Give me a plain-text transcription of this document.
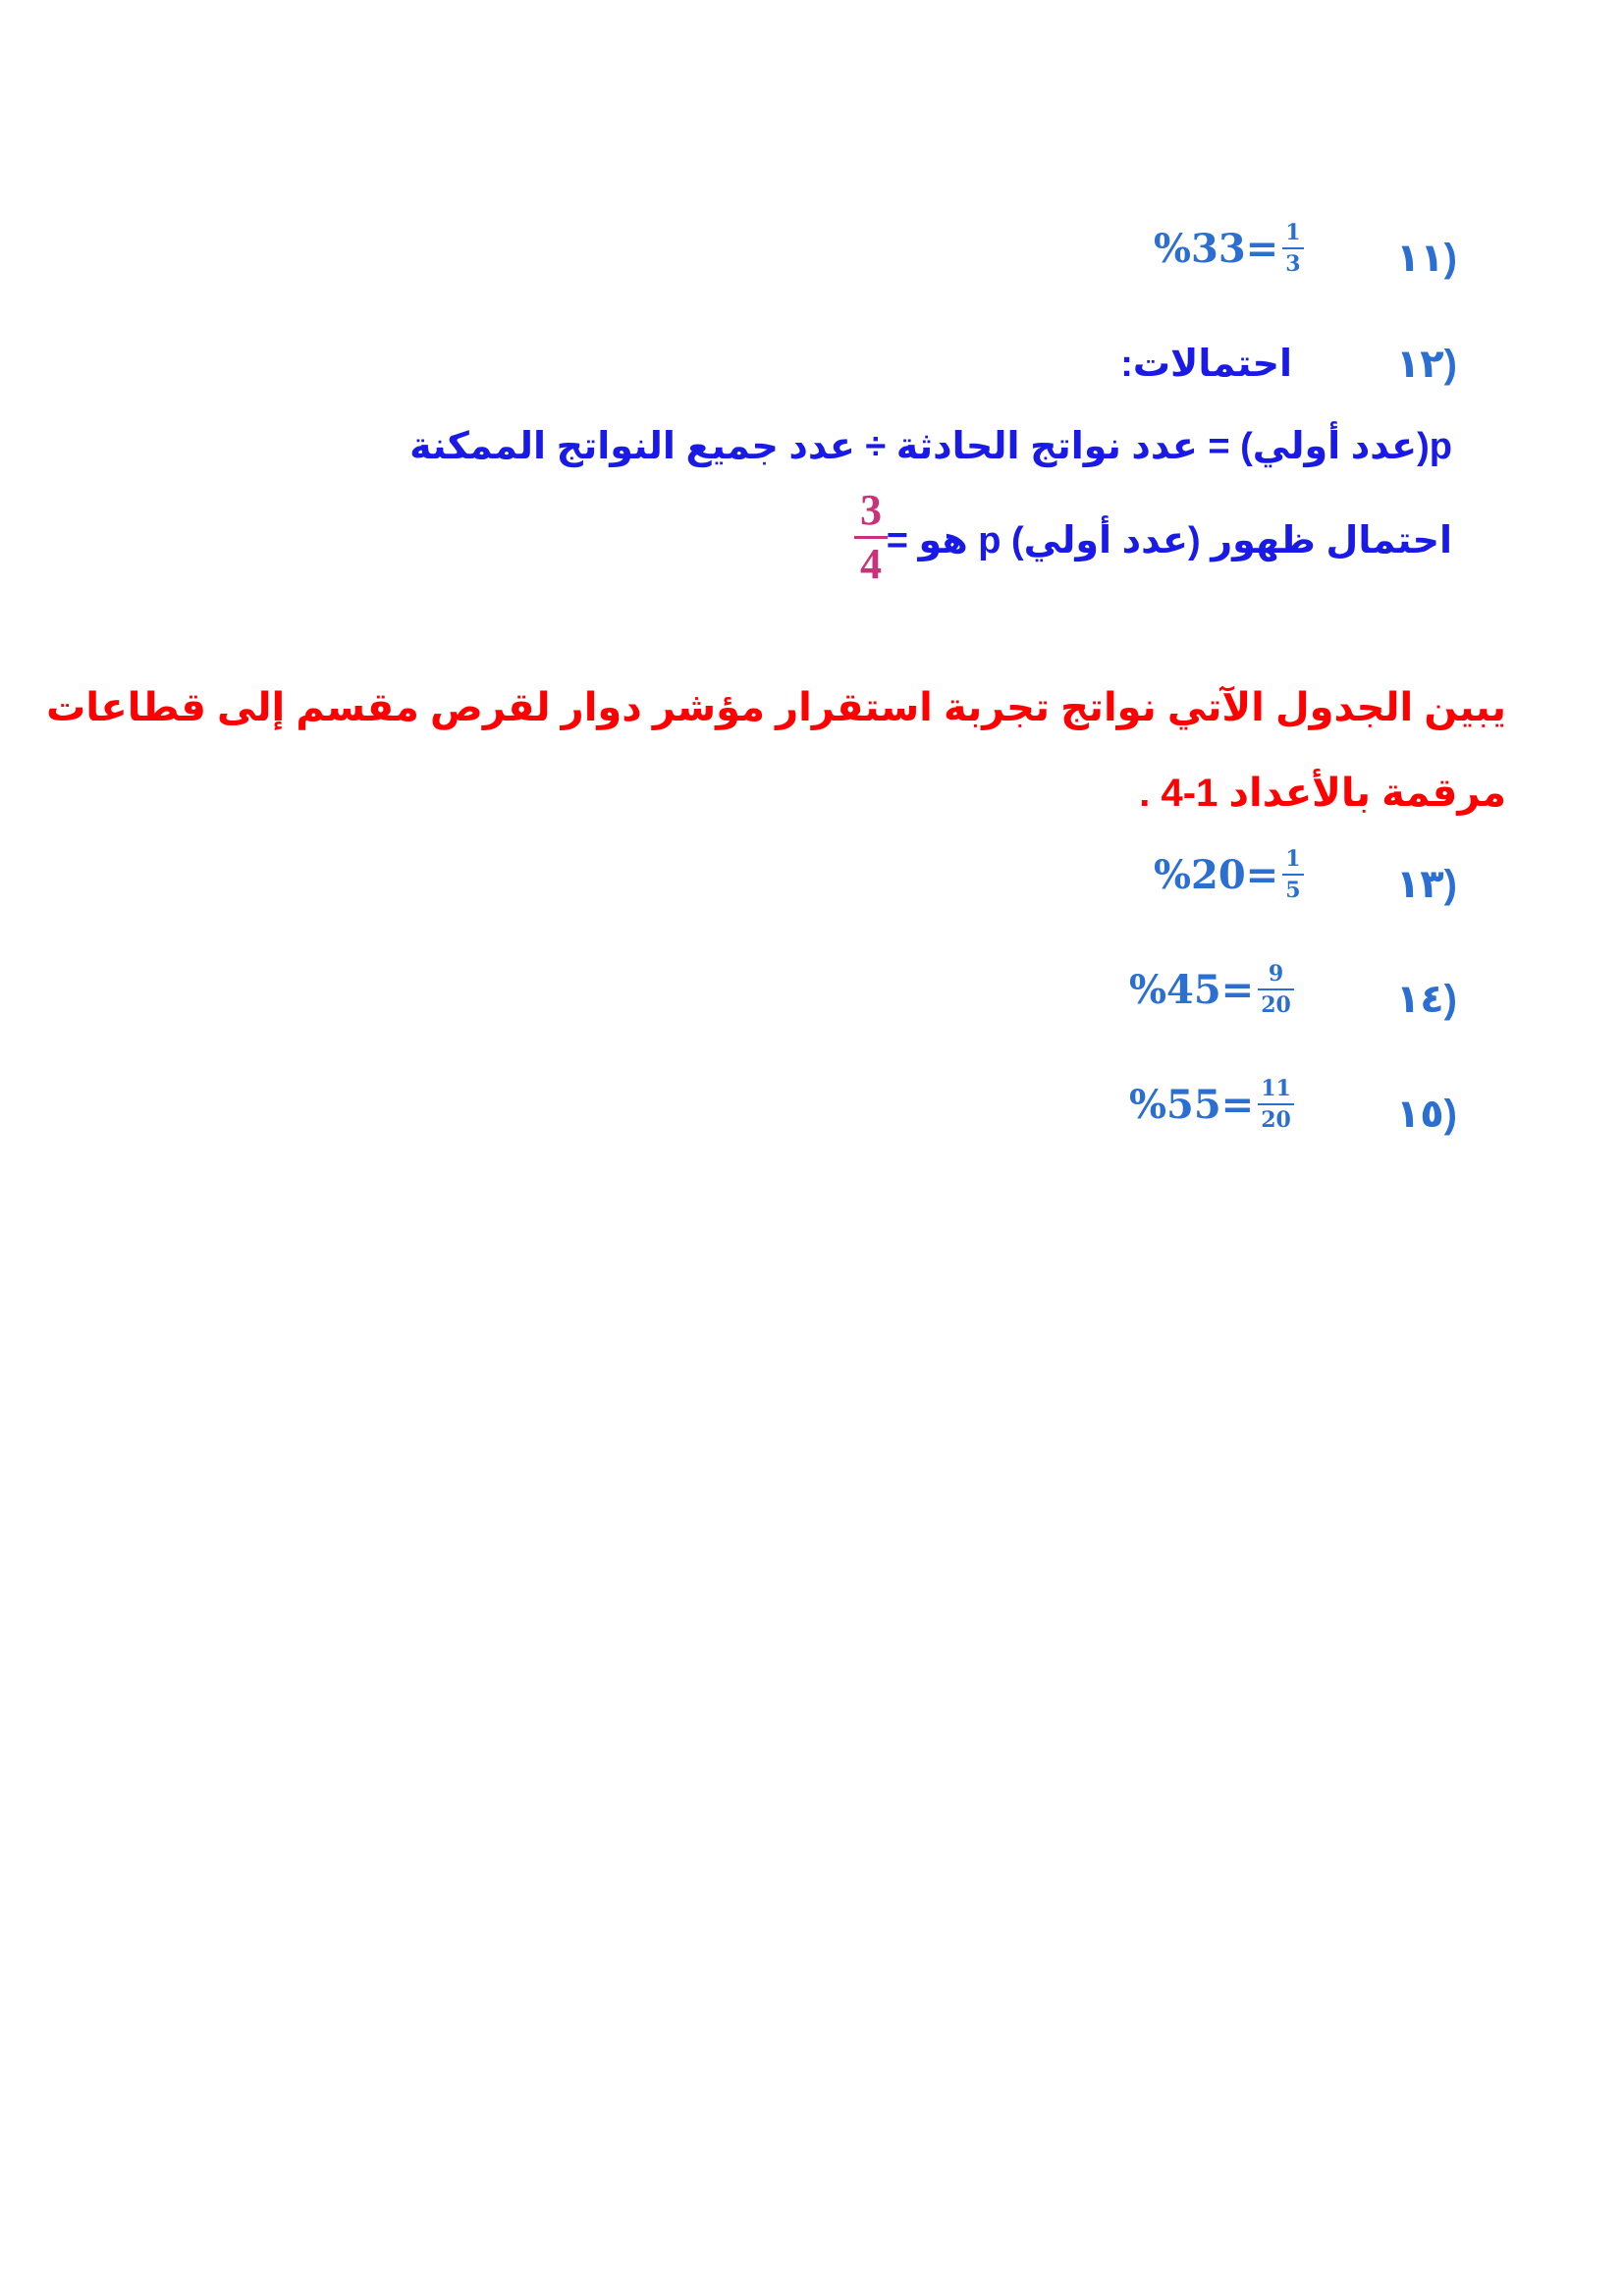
(١١
$\%33= \frac{1}{3}$
(١٢
احتمالات:
p(عدد أولي) = عدد نواتج الحادثة ÷ عدد جميع النواتج الممكنة
احتمال ظهور (عدد أولي) p هو =
3
4
يبين الجدول الآتي نواتج تجربة استقرار مؤشر دوار لقرص مقسم إلى قطاعات
مرقمة بالأعداد 1-4 .
(١٣
$\%20= \frac{1}{5}$
(١٤
$\%45= \frac{9}{20}$
(١٥
$\%55= \frac{11}{20}$
